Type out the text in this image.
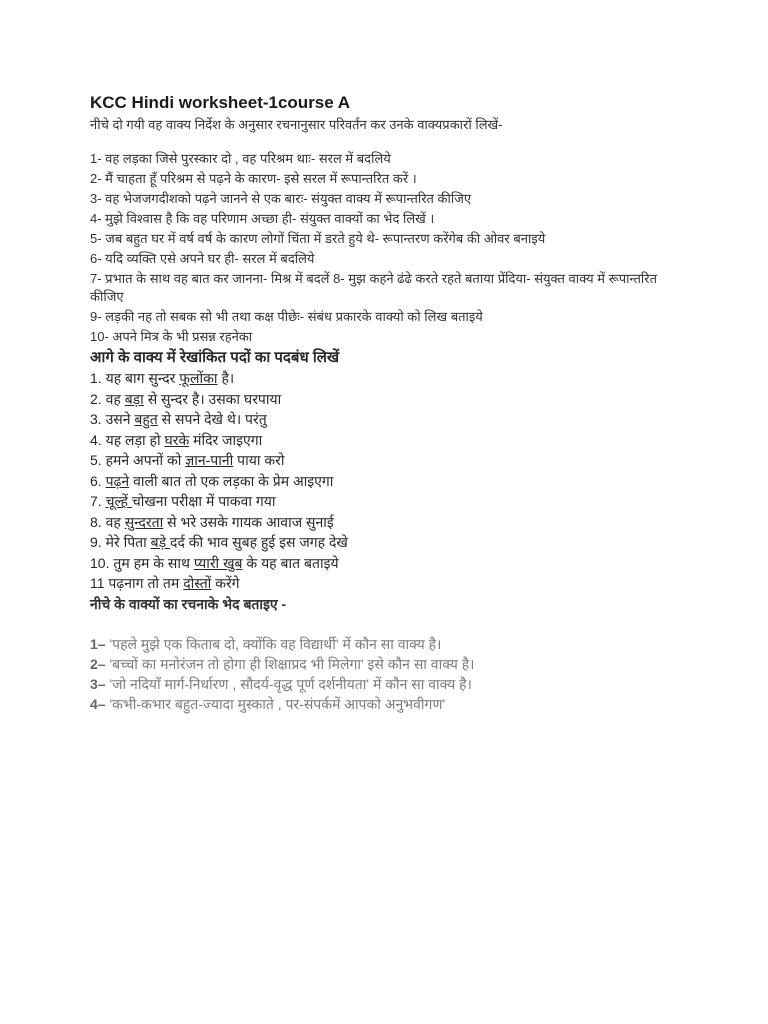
KCC Hindi worksheet-1course A
नीचे दो गयी वह वाक्य निर्देश के अनुसार रचनानुसार परिवर्तन कर उनके वाक्यप्रकारों लिखें-
1- वह लड़का जिसे पुरस्कार दो , वह परिश्रम थाः- सरल में बदलिये
2- मैं चाहता हूँ परिश्रम से पढ़ने के कारण- इसे सरल में रूपान्तरित करें ।
3- वह भेजजगदीशको पढ़ने जानने से एक बारः- संयुक्त वाक्य में रूपान्तरित कीजिए
4- मुझे विश्वास है कि वह परिणाम अच्छा ही- संयुक्त वाक्यों का भेद लिखें ।
5- जब बहुत घर में वर्ष वर्ष के कारण लोगों चिंता में डरते हुये थे- रूपान्तरण करेंगेब की ओवर बनाइये
6- यदि व्यक्ति एसे अपने घर ही- सरल में बदलिये
7- प्रभात के साथ वह बात कर जानना- मिश्र में बदलें 8- मुझ कहने ढंढे करते रहते बताया प्रेंदिया- संयुक्त वाक्य में रूपान्तरित कीजिए
9- लड़की नह तो सबक सो भी तथा कक्ष पीछेः- संबंध प्रकारके वाक्यो को लिख बताइये
10- अपने मित्र के भी प्रसन्न रहनेका
आगे के वाक्य में रेखांकित पदों का पदबंध लिखें
1. यह बाग सुन्दर फूलोंका है।
2. वह बड़ा से सुन्दर है। उसका घरपाया
3. उसने बहुत से सपने देखे थे। परंतु
4. यह लड़ा हो घरके मंदिर जाइएगा
5. हमने अपनों को ज्ञान-पानी पाया करो
6. पढ़ने वाली बात तो एक लड़का के प्रेम आइएगा
7. चूल्हें चोखना परीक्षा में पाकवा गया
8. वह सुन्दरता से भरे उसके गायक आवाज सुनाई
9. मेरे पिता बड़े दर्द की भाव सुबह हुई इस जगह देखे
10. तुम हम के साथ प्यारी खुब के यह बात बताइये
11 पढ़नाग तो तम दोस्तों करेंगे
नीचे के वाक्यों का रचनाके भेद बताइए -
1– 'पहले मुझे एक किताब दो, क्योंकि वह विद्यार्थी' में कौन सा वाक्य है।
2– 'बच्चों का मनोरंजन तो होगा ही शिक्षाप्रद भी मिलेगा' इसे कौन सा वाक्य है।
3– 'जो नदियाँ मार्ग-निर्धारण , सौदर्य-वृद्ध पूर्ण दर्शनीयता' में कौन सा वाक्य है।
4– 'कभी-कभार बहुत-ज्यादा मुस्काते , पर-संपर्कमें आपको अनुभवीगण'
